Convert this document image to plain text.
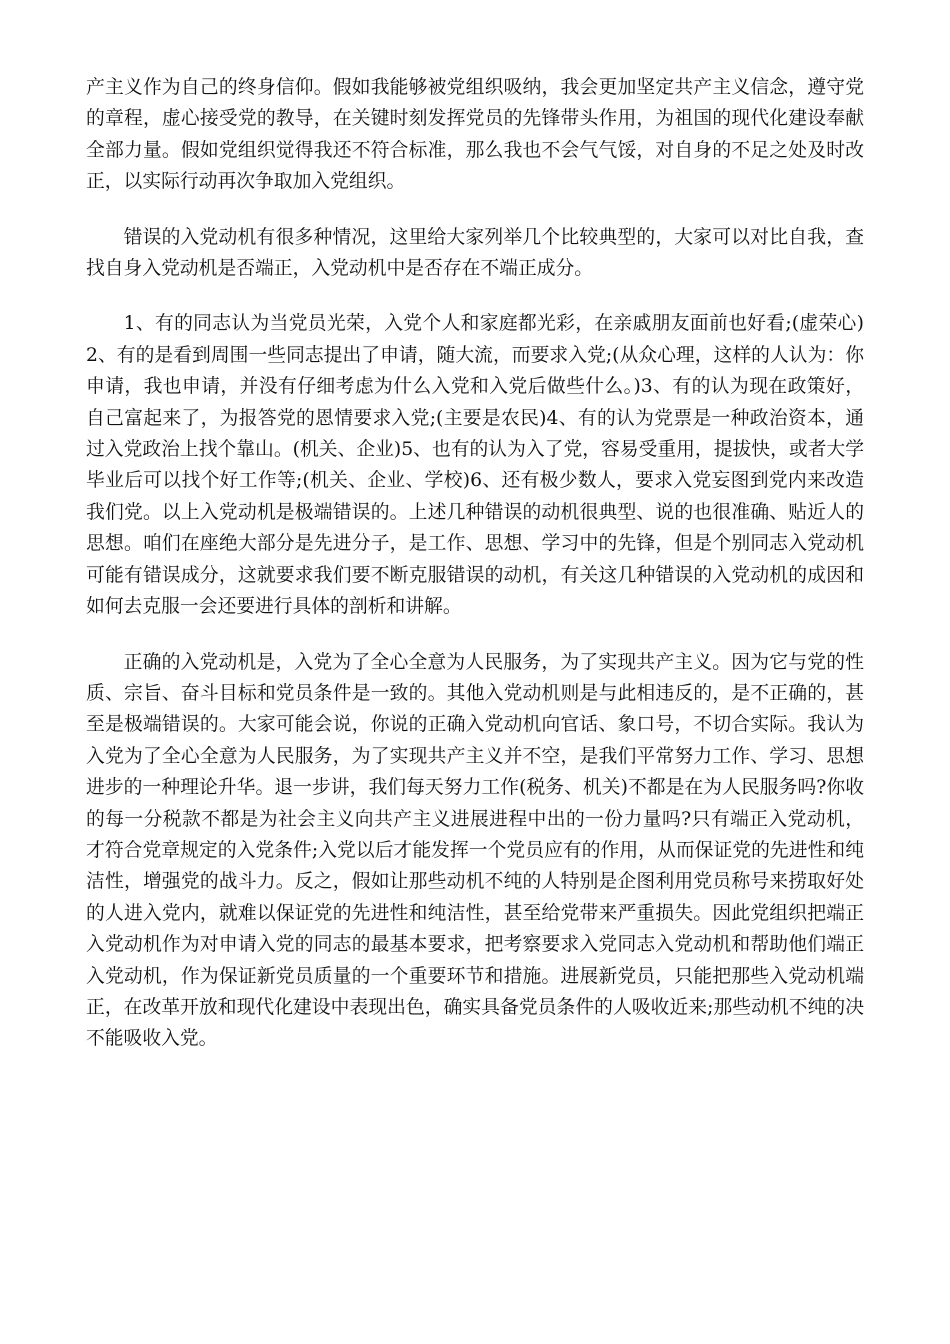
产主义作为自己的终身信仰。假如我能够被党组织吸纳，我会更加坚定共产主义信念，遵守党的章程，虚心接受党的教导，在关键时刻发挥党员的先锋带头作用，为祖国的现代化建设奉献全部力量。假如党组织觉得我还不符合标准，那么我也不会气气馁，对自身的不足之处及时改正，以实际行动再次争取加入党组织。

错误的入党动机有很多种情况，这里给大家列举几个比较典型的，大家可以对比自我，查找自身入党动机是否端正，入党动机中是否存在不端正成分。

1、有的同志认为当党员光荣，入党个人和家庭都光彩，在亲戚朋友面前也好看;(虚荣心)2、有的是看到周围一些同志提出了申请，随大流，而要求入党;(从众心理，这样的人认为：你申请，我也申请，并没有仔细考虑为什么入党和入党后做些什么。)3、有的认为现在政策好，自己富起来了，为报答党的恩情要求入党;(主要是农民)4、有的认为党票是一种政治资本，通过入党政治上找个靠山。(机关、企业)5、也有的认为入了党，容易受重用，提拔快，或者大学毕业后可以找个好工作等;(机关、企业、学校)6、还有极少数人，要求入党妄图到党内来改造我们党。以上入党动机是极端错误的。上述几种错误的动机很典型、说的也很准确、贴近人的思想。咱们在座绝大部分是先进分子，是工作、思想、学习中的先锋，但是个别同志入党动机可能有错误成分，这就要求我们要不断克服错误的动机，有关这几种错误的入党动机的成因和如何去克服一会还要进行具体的剖析和讲解。

正确的入党动机是，入党为了全心全意为人民服务，为了实现共产主义。因为它与党的性质、宗旨、奋斗目标和党员条件是一致的。其他入党动机则是与此相违反的，是不正确的，甚至是极端错误的。大家可能会说，你说的正确入党动机向官话、象口号，不切合实际。我认为入党为了全心全意为人民服务，为了实现共产主义并不空，是我们平常努力工作、学习、思想进步的一种理论升华。退一步讲，我们每天努力工作(税务、机关)不都是在为人民服务吗?你收的每一分税款不都是为社会主义向共产主义进展进程中出的一份力量吗?只有端正入党动机，才符合党章规定的入党条件;入党以后才能发挥一个党员应有的作用，从而保证党的先进性和纯洁性，增强党的战斗力。反之，假如让那些动机不纯的人特别是企图利用党员称号来捞取好处的人进入党内，就难以保证党的先进性和纯洁性，甚至给党带来严重损失。因此党组织把端正入党动机作为对申请入党的同志的最基本要求，把考察要求入党同志入党动机和帮助他们端正入党动机，作为保证新党员质量的一个重要环节和措施。进展新党员，只能把那些入党动机端正，在改革开放和现代化建设中表现出色，确实具备党员条件的人吸收近来;那些动机不纯的决不能吸收入党。
